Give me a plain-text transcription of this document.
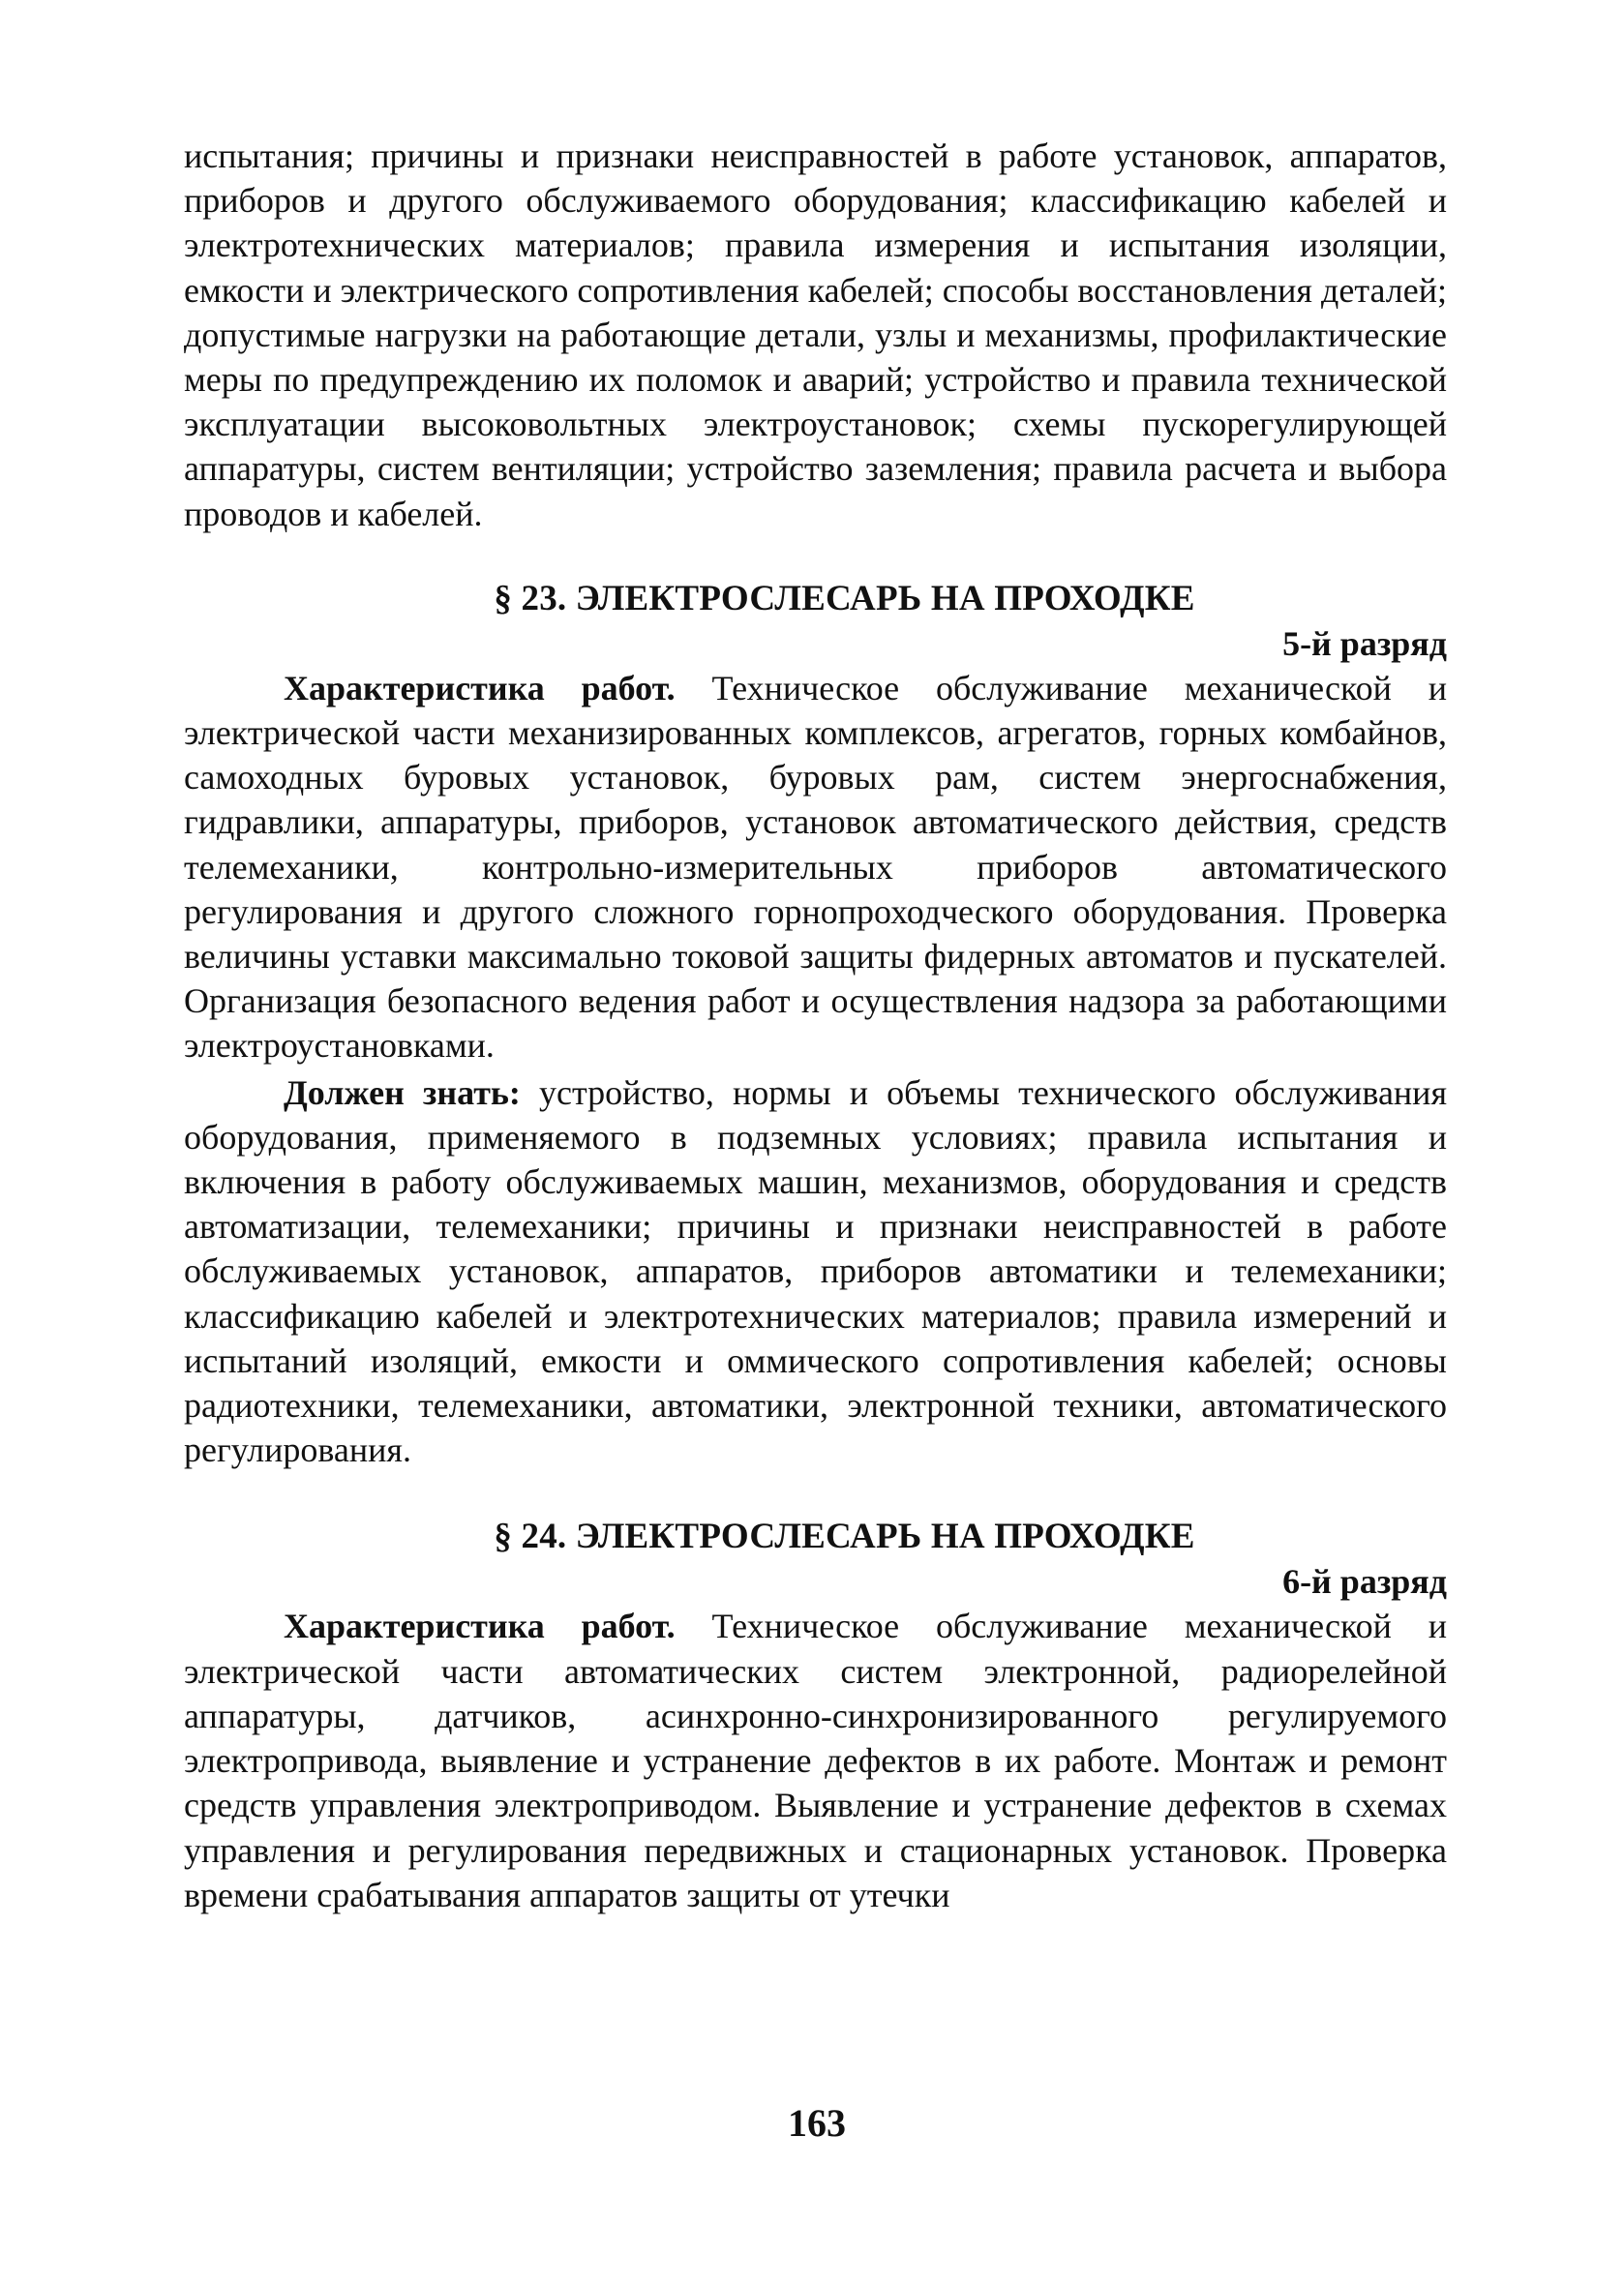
испытания; причины и признаки неисправностей в работе установок, аппаратов, приборов и другого обслуживаемого оборудования; классификацию кабелей и электротехнических материалов; правила измерения и испытания изоляции, емкости и электрического сопротивления кабелей; способы восстановления деталей; допустимые нагрузки на работающие детали, узлы и механизмы, профилактические меры по предупреждению их поломок и аварий; устройство и правила технической эксплуатации высоковольтных электроустановок; схемы пускорегулирующей аппаратуры, систем вентиляции; устройство заземления; правила расчета и выбора проводов и кабелей.

§ 23. ЭЛЕКТРОСЛЕСАРЬ НА ПРОХОДКЕ

5-й разряд

Характеристика работ. Техническое обслуживание механической и электрической части механизированных комплексов, агрегатов, горных комбайнов, самоходных буровых установок, буровых рам, систем энергоснабжения, гидравлики, аппаратуры, приборов, установок автоматического действия, средств телемеханики, контрольно-измерительных приборов автоматического регулирования и другого сложного горнопроходческого оборудования. Проверка величины уставки максимально токовой защиты фидерных автоматов и пускателей. Организация безопасного ведения работ и осуществления надзора за работающими электроустановками.

Должен знать: устройство, нормы и объемы технического обслуживания оборудования, применяемого в подземных условиях; правила испытания и включения в работу обслуживаемых машин, механизмов, оборудования и средств автоматизации, телемеханики; причины и признаки неисправностей в работе обслуживаемых установок, аппаратов, приборов автоматики и телемеханики; классификацию кабелей и электротехнических материалов; правила измерений и испытаний изоляций, емкости и оммического сопротивления кабелей; основы радиотехники, телемеханики, автоматики, электронной техники, автоматического регулирования.

§ 24. ЭЛЕКТРОСЛЕСАРЬ НА ПРОХОДКЕ

6-й разряд

Характеристика работ. Техническое обслуживание механической и электрической части автоматических систем электронной, радиорелейной аппаратуры, датчиков, асинхронно-синхронизированного регулируемого электропривода, выявление и устранение дефектов в их работе. Монтаж и ремонт средств управления электроприводом. Выявление и устранение дефектов в схемах управления и регулирования передвижных и стационарных установок. Проверка времени срабатывания аппаратов защиты от утечки

163
